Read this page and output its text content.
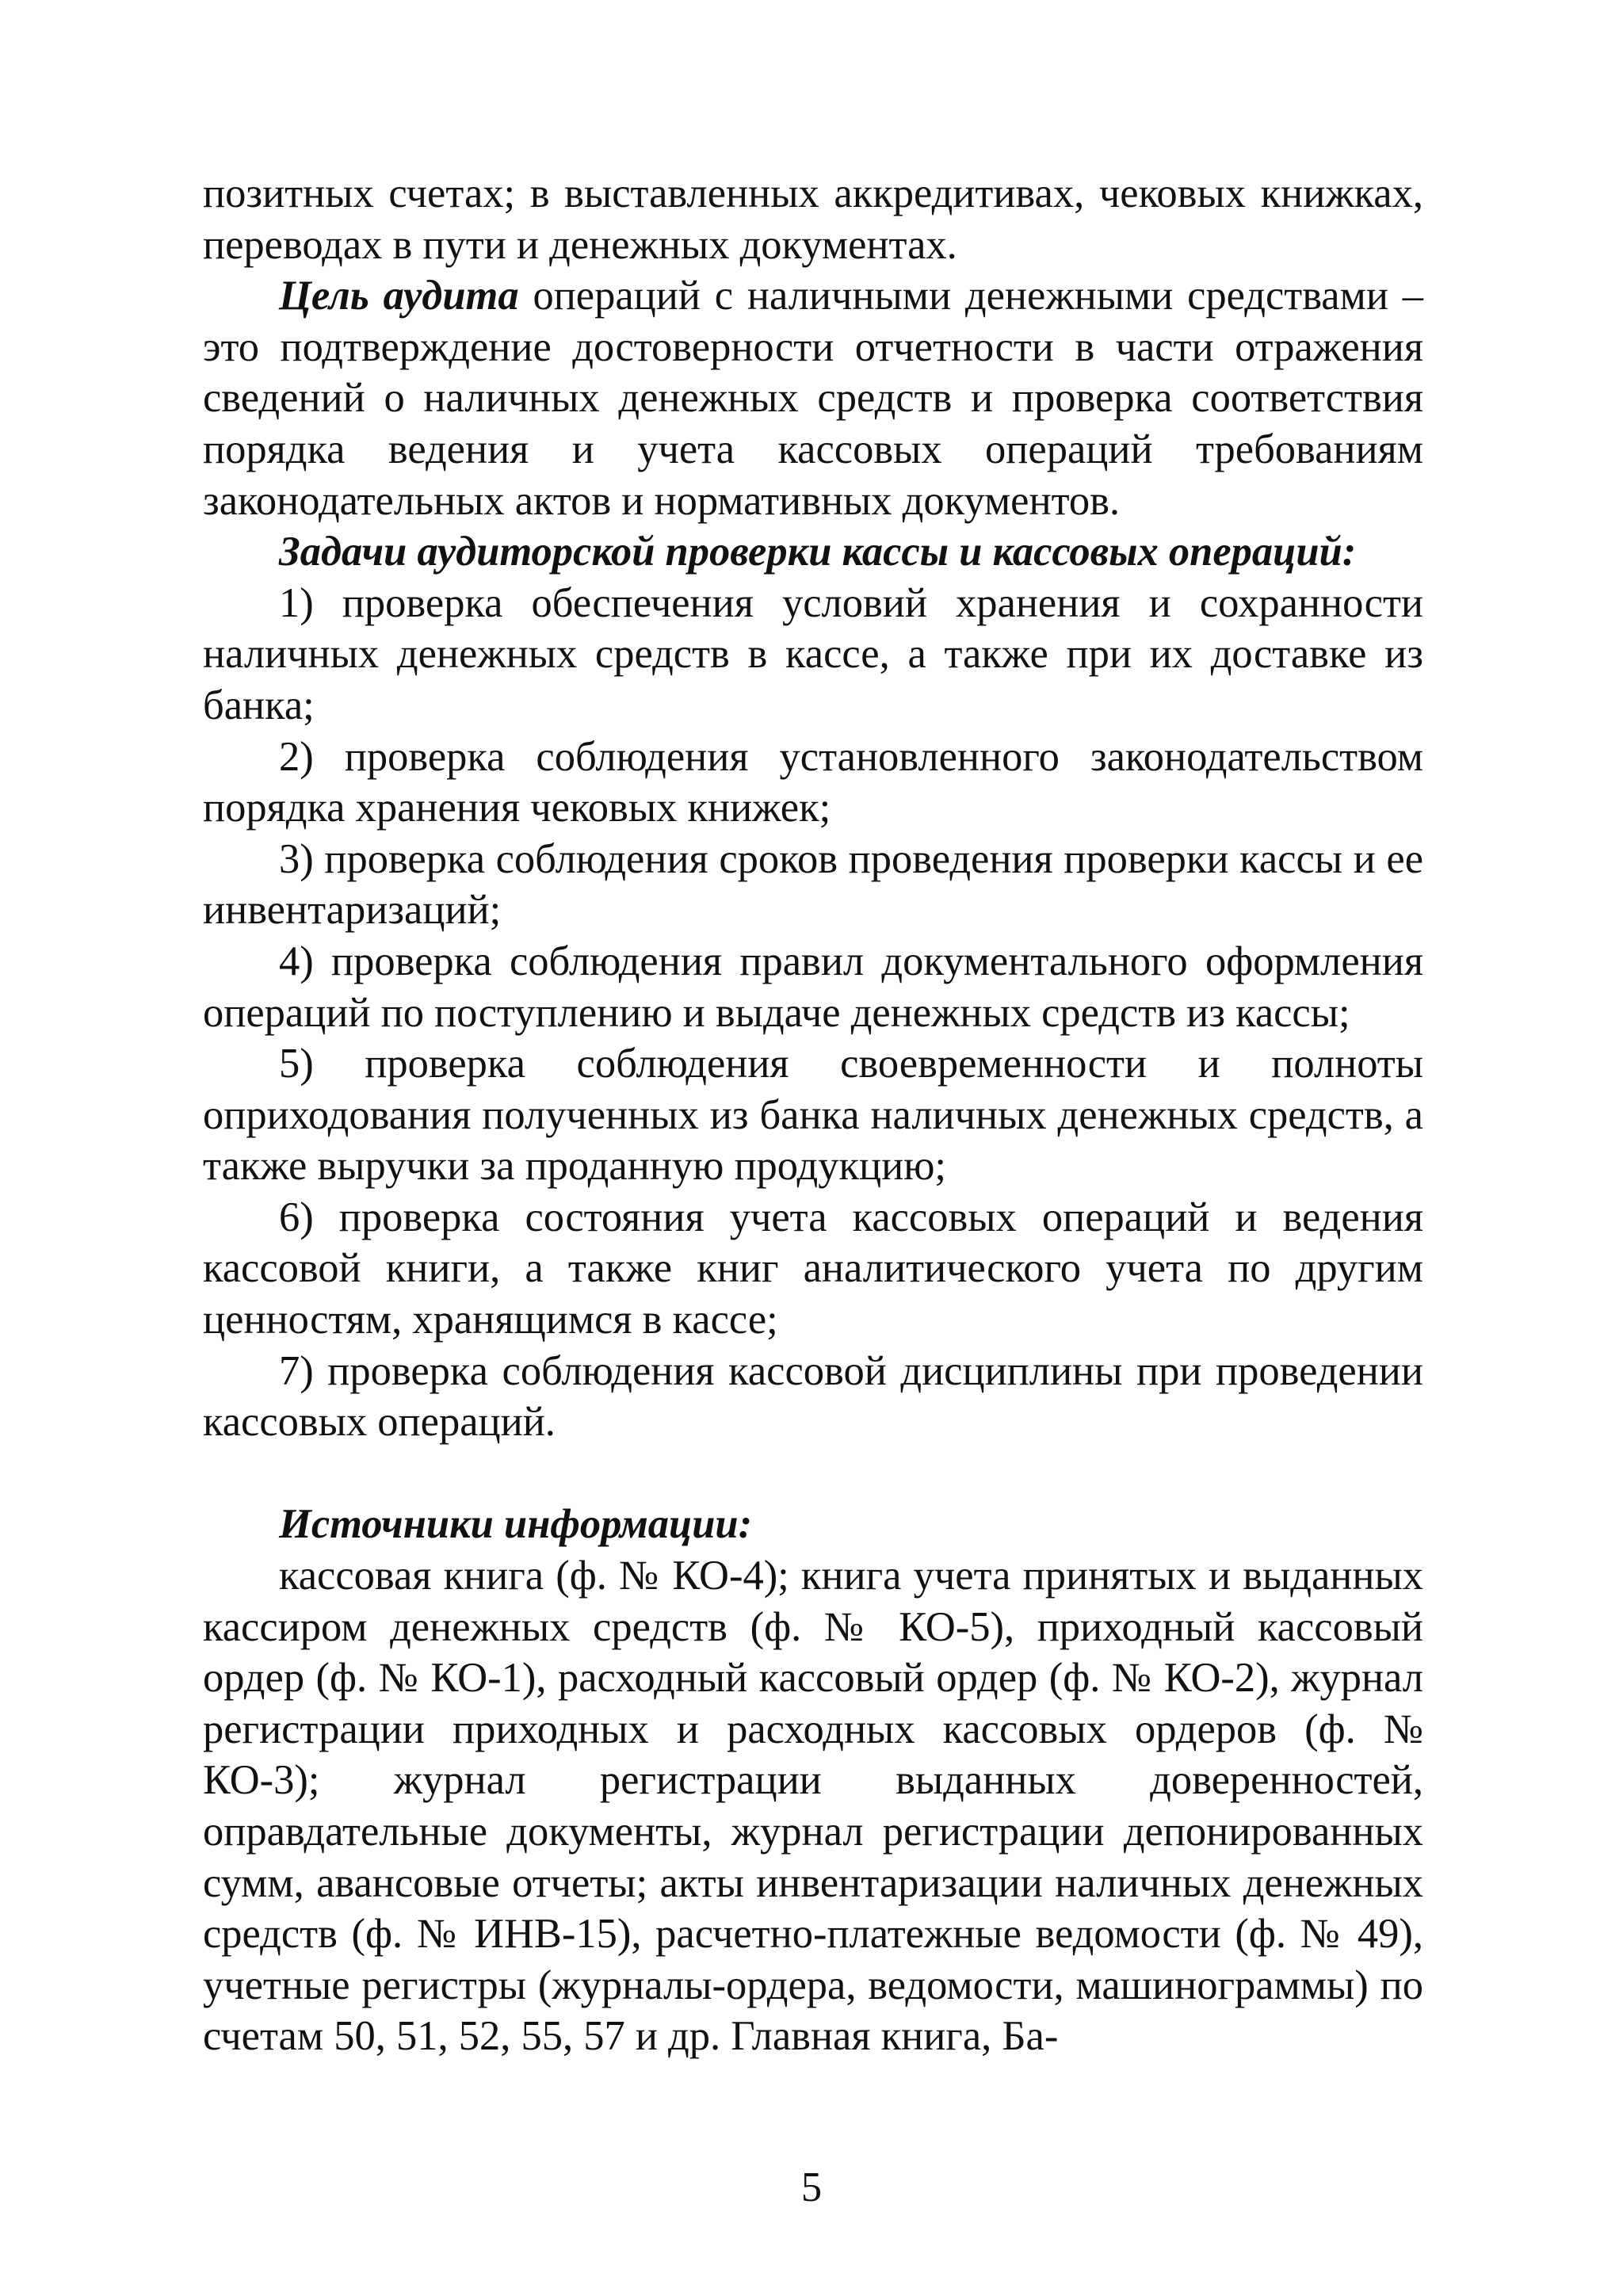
позитных счетах; в выставленных аккредитивах, чековых книжках, переводах в пути и денежных документах.

Цель аудита операций с наличными денежными средствами – это подтверждение достоверности отчетности в части отражения сведений о наличных денежных средств и проверка соответствия порядка ведения и учета кассовых операций требованиям законодательных актов и нормативных документов.

Задачи аудиторской проверки кассы и кассовых операций:

1) проверка обеспечения условий хранения и сохранности наличных денежных средств в кассе, а также при их доставке из банка;

2) проверка соблюдения установленного законодательством порядка хранения чековых книжек;

3) проверка соблюдения сроков проведения проверки кассы и ее инвентаризаций;

4) проверка соблюдения правил документального оформления операций по поступлению и выдаче денежных средств из кассы;

5) проверка соблюдения своевременности и полноты оприходования полученных из банка наличных денежных средств, а также выручки за проданную продукцию;

6) проверка состояния учета кассовых операций и ведения кассовой книги, а также книг аналитического учета по другим ценностям, хранящимся в кассе;

7) проверка соблюдения кассовой дисциплины при проведении кассовых операций.

Источники информации:

кассовая книга (ф. № КО-4); книга учета принятых и выданных кассиром денежных средств (ф. № КО-5), приходный кассовый ордер (ф. № КО-1), расходный кассовый ордер (ф. № КО-2), журнал регистрации приходных и расходных кассовых ордеров (ф. № КО-3); журнал регистрации выданных доверенностей, оправдательные документы, журнал регистрации депонированных сумм, авансовые отчеты; акты инвентаризации наличных денежных средств (ф. № ИНВ-15), расчетно-платежные ведомости (ф. № 49), учетные регистры (журналы-ордера, ведомости, машинограммы) по счетам 50, 51, 52, 55, 57 и др. Главная книга, Ба-

5
